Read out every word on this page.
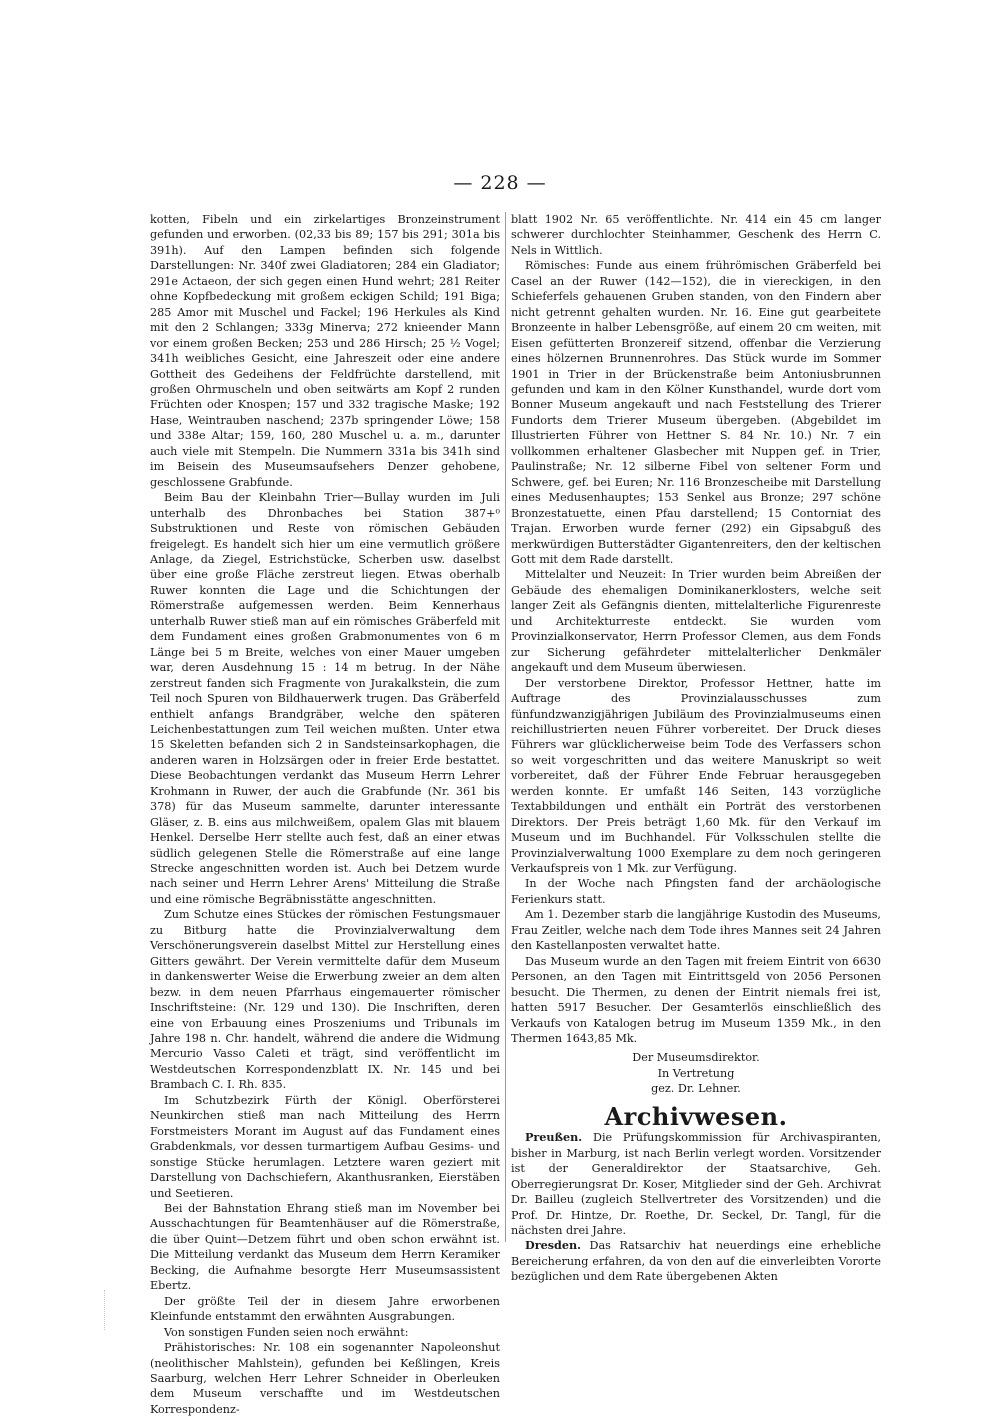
— 228 —

kotten, Fibeln und ein zirkelartiges Bronzeinstrument gefunden und erworben. (02,33 bis 89; 157 bis 291; 301a bis 391h). Auf den Lampen befinden sich folgende Darstellungen: Nr. 340f zwei Gladiatoren; 284 ein Gladiator; 291e Actaeon, der sich gegen einen Hund wehrt; 281 Reiter ohne Kopfbedeckung mit großem eckigen Schild; 191 Biga; 285 Amor mit Muschel und Fackel; 196 Herkules als Kind mit den 2 Schlangen; 333g Minerva; 272 knieender Mann vor einem großen Becken; 253 und 286 Hirsch; 25 ½ Vogel; 341h weibliches Gesicht, eine Jahreszeit oder eine andere Gottheit des Gedeihens der Feldfrüchte darstellend, mit großen Ohrmuscheln und oben seitwärts am Kopf 2 runden Früchten oder Knospen; 157 und 332 tragische Maske; 192 Hase, Weintrauben naschend; 237b springender Löwe; 158 und 338e Altar; 159, 160, 280 Muschel u. a. m., darunter auch viele mit Stempeln. Die Nummern 331a bis 341h sind im Beisein des Museumsaufsehers Denzer gehobene, geschlossene Grabfunde.

Beim Bau der Kleinbahn Trier—Bullay wurden im Juli unterhalb des Dhronbaches bei Station 387+⁰ Substruktionen und Reste von römischen Gebäuden freigelegt. Es handelt sich hier um eine vermutlich größere Anlage, da Ziegel, Estrichstücke, Scherben usw. daselbst über eine große Fläche zerstreut liegen. Etwas oberhalb Ruwer konnten die Lage und die Schichtungen der Römerstraße aufgemessen werden. Beim Kennerhaus unterhalb Ruwer stieß man auf ein römisches Gräberfeld mit dem Fundament eines großen Grabmonumentes von 6 m Länge bei 5 m Breite, welches von einer Mauer umgeben war, deren Ausdehnung 15 : 14 m betrug. In der Nähe zerstreut fanden sich Fragmente von Jurakalkstein, die zum Teil noch Spuren von Bildhauerwerk trugen. Das Gräberfeld enthielt anfangs Brandgräber, welche den späteren Leichenbestattungen zum Teil weichen mußten. Unter etwa 15 Skeletten befanden sich 2 in Sandsteinsarkophagen, die anderen waren in Holzsärgen oder in freier Erde bestattet. Diese Beobachtungen verdankt das Museum Herrn Lehrer Krohmann in Ruwer, der auch die Grabfunde (Nr. 361 bis 378) für das Museum sammelte, darunter interessante Gläser, z. B. eins aus milchweißem, opalem Glas mit blauem Henkel. Derselbe Herr stellte auch fest, daß an einer etwas südlich gelegenen Stelle die Römerstraße auf eine lange Strecke angeschnitten worden ist. Auch bei Detzem wurde nach seiner und Herrn Lehrer Arens' Mitteilung die Straße und eine römische Begräbnisstätte angeschnitten.

Zum Schutze eines Stückes der römischen Festungsmauer zu Bitburg hatte die Provinzialverwaltung dem Verschönerungsverein daselbst Mittel zur Herstellung eines Gitters gewährt. Der Verein vermittelte dafür dem Museum in dankenswerter Weise die Erwerbung zweier an dem alten bezw. in dem neuen Pfarrhaus eingemauerter römischer Inschriftsteine: (Nr. 129 und 130). Die Inschriften, deren eine von Erbauung eines Proszeniums und Tribunals im Jahre 198 n. Chr. handelt, während die andere die Widmung Mercurio Vasso Caleti et trägt, sind veröffentlicht im Westdeutschen Korrespondenzblatt IX. Nr. 145 und bei Brambach C. I. Rh. 835.

Im Schutzbezirk Fürth der Königl. Oberförsterei Neunkirchen stieß man nach Mitteilung des Herrn Forstmeisters Morant im August auf das Fundament eines Grabdenkmals, vor dessen turmartigem Aufbau Gesims- und sonstige Stücke herumlagen. Letztere waren geziert mit Darstellung von Dachschiefern, Akanthusranken, Eierstäben und Seetieren.

Bei der Bahnstation Ehrang stieß man im November bei Ausschachtungen für Beamtenhäuser auf die Römerstraße, die über Quint—Detzem führt und oben schon erwähnt ist. Die Mitteilung verdankt das Museum dem Herrn Keramiker Becking, die Aufnahme besorgte Herr Museumsassistent Ebertz.

Der größte Teil der in diesem Jahre erworbenen Kleinfunde entstammt den erwähnten Ausgrabungen.

Von sonstigen Funden seien noch erwähnt:

Prähistorisches: Nr. 108 ein sogenannter Napoleonshut (neolithischer Mahlstein), gefunden bei Keßlingen, Kreis Saarburg, welchen Herr Lehrer Schneider in Oberleuken dem Museum verschaffte und im Westdeutschen Korrespondenz-

blatt 1902 Nr. 65 veröffentlichte. Nr. 414 ein 45 cm langer schwerer durchlochter Steinhammer, Geschenk des Herrn C. Nels in Wittlich.

Römisches: Funde aus einem frührömischen Gräberfeld bei Casel an der Ruwer (142—152), die in viereckigen, in den Schieferfels gehauenen Gruben standen, von den Findern aber nicht getrennt gehalten wurden. Nr. 16. Eine gut gearbeitete Bronzeente in halber Lebensgröße, auf einem 20 cm weiten, mit Eisen gefütterten Bronzereif sitzend, offenbar die Verzierung eines hölzernen Brunnenrohres. Das Stück wurde im Sommer 1901 in Trier in der Brückenstraße beim Antoniusbrunnen gefunden und kam in den Kölner Kunsthandel, wurde dort vom Bonner Museum angekauft und nach Feststellung des Trierer Fundorts dem Trierer Museum übergeben. (Abgebildet im Illustrierten Führer von Hettner S. 84 Nr. 10.) Nr. 7 ein vollkommen erhaltener Glasbecher mit Nuppen gef. in Trier, Paulinstraße; Nr. 12 silberne Fibel von seltener Form und Schwere, gef. bei Euren; Nr. 116 Bronzescheibe mit Darstellung eines Medusenhauptes; 153 Senkel aus Bronze; 297 schöne Bronzestatuette, einen Pfau darstellend; 15 Contorniat des Trajan. Erworben wurde ferner (292) ein Gipsabguß des merkwürdigen Butterstädter Gigantenreiters, den der keltischen Gott mit dem Rade darstellt.

Mittelalter und Neuzeit: In Trier wurden beim Abreißen der Gebäude des ehemaligen Dominikanerklosters, welche seit langer Zeit als Gefängnis dienten, mittelalterliche Figurenreste und Architekturreste entdeckt. Sie wurden vom Provinzialkonservator, Herrn Professor Clemen, aus dem Fonds zur Sicherung gefährdeter mittelalterlicher Denkmäler angekauft und dem Museum überwiesen.

Der verstorbene Direktor, Professor Hettner, hatte im Auftrage des Provinzialausschusses zum fünfundzwanzigjährigen Jubiläum des Provinzialmuseums einen reichillustrierten neuen Führer vorbereitet. Der Druck dieses Führers war glücklicherweise beim Tode des Verfassers schon so weit vorgeschritten und das weitere Manuskript so weit vorbereitet, daß der Führer Ende Februar herausgegeben werden konnte. Er umfaßt 146 Seiten, 143 vorzügliche Textabbildungen und enthält ein Porträt des verstorbenen Direktors. Der Preis beträgt 1,60 Mk. für den Verkauf im Museum und im Buchhandel. Für Volksschulen stellte die Provinzialverwaltung 1000 Exemplare zu dem noch geringeren Verkaufspreis von 1 Mk. zur Verfügung.

In der Woche nach Pfingsten fand der archäologische Ferienkurs statt.

Am 1. Dezember starb die langjährige Kustodin des Museums, Frau Zeitler, welche nach dem Tode ihres Mannes seit 24 Jahren den Kastellanposten verwaltet hatte.

Das Museum wurde an den Tagen mit freiem Eintrit von 6630 Personen, an den Tagen mit Eintrittsgeld von 2056 Personen besucht. Die Thermen, zu denen der Eintrit niemals frei ist, hatten 5917 Besucher. Der Gesamterlös einschließlich des Verkaufs von Katalogen betrug im Museum 1359 Mk., in den Thermen 1643,85 Mk.

Der Museumsdirektor.

In Vertretung

gez. Dr. Lehner.

Archivwesen.

Preußen. Die Prüfungskommission für Archivaspiranten, bisher in Marburg, ist nach Berlin verlegt worden. Vorsitzender ist der Generaldirektor der Staatsarchive, Geh. Oberregierungsrat Dr. Koser, Mitglieder sind der Geh. Archivrat Dr. Bailleu (zugleich Stellvertreter des Vorsitzenden) und die Prof. Dr. Hintze, Dr. Roethe, Dr. Seckel, Dr. Tangl, für die nächsten drei Jahre.

Dresden. Das Ratsarchiv hat neuerdings eine erhebliche Bereicherung erfahren, da von den auf die einverleibten Vororte bezüglichen und dem Rate übergebenen Akten
